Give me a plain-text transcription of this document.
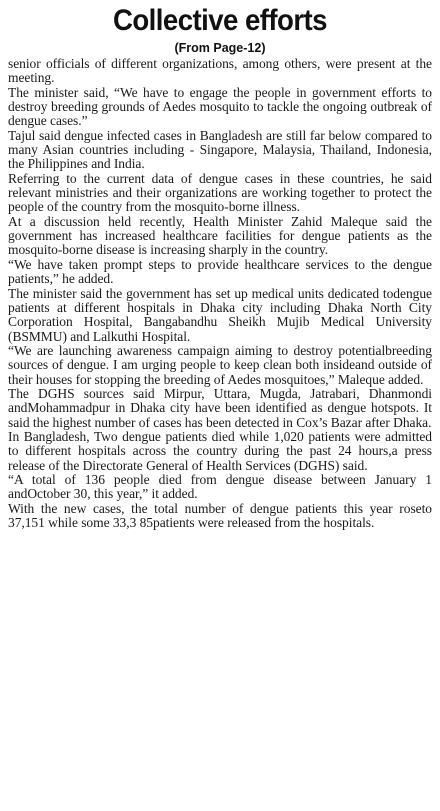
Collective efforts
(From Page-12)

senior officials of different organizations, among others, were present at the meeting.

The minister said, “We have to engage the people in government efforts to destroy breeding grounds of Aedes mosquito to tackle the ongoing outbreak of dengue cases.”

Tajul said dengue infected cases in Bangladesh are still far below compared to many Asian countries including - Singapore, Malaysia, Thailand, Indonesia, the Philippines and India.

Referring to the current data of dengue cases in these countries, he said relevant ministries and their organizations are working together to protect the people of the country from the mosquito-borne illness.

At a discussion held recently, Health Minister Zahid Maleque said the government has increased healthcare facilities for dengue patients as the mosquito-borne disease is increasing sharply in the country.

“We have taken prompt steps to provide healthcare services to the dengue patients,” he added.

The minister said the government has set up medical units dedicated todengue patients at different hospitals in Dhaka city including Dhaka North City Corporation Hospital, Bangabandhu Sheikh Mujib Medical University (BSMMU) and Lalkuthi Hospital.

“We are launching awareness campaign aiming to destroy potentialbreeding sources of dengue. I am urging people to keep clean both insideand outside of their houses for stopping the breeding of Aedes mosquitoes,” Maleque added.

The DGHS sources said Mirpur, Uttara, Mugda, Jatrabari, Dhanmondi andMohammadpur in Dhaka city have been identified as dengue hotspots. It said the highest number of cases has been detected in Cox’s Bazar after Dhaka.

In Bangladesh, Two dengue patients died while 1,020 patients were admitted to different hospitals across the country during the past 24 hours,a press release of the Directorate General of Health Services (DGHS) said.

“A total of 136 people died from dengue disease between January 1 andOctober 30, this year,” it added.

With the new cases, the total number of dengue patients this year roseto 37,151 while some 33,3 85patients were released from the hospitals.
